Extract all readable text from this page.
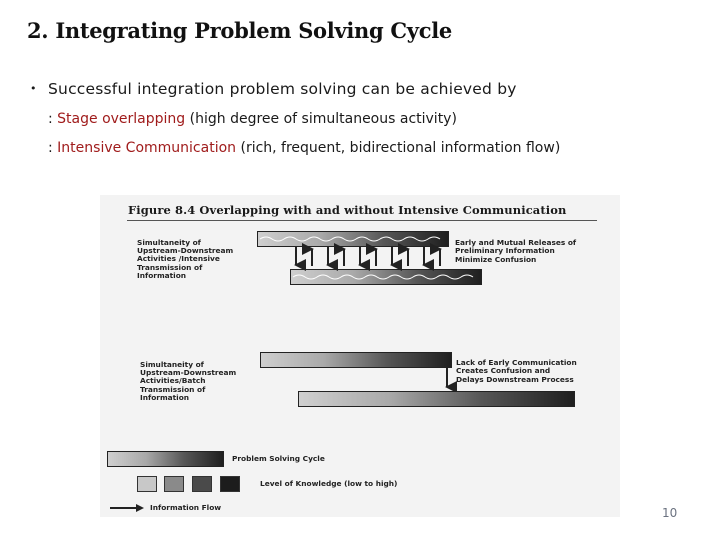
2. Integrating Problem Solving Cycle
• Successful integration problem solving can be achieved by
: Stage overlapping (high degree of simultaneous activity)
: Intensive Communication (rich, frequent, bidirectional information flow)
Figure 8.4 Overlapping with and without Intensive Communication
Simultaneity of
Upstream-Downstream
Activities /Intensive
Transmission of
Information
Early and Mutual Releases of
Preliminary Information
Minimize Confusion
Simultaneity of
Upstream-Downstream
Activities/Batch
Transmission of
Information
Lack of Early Communication
Creates Confusion and
Delays Downstream Process
Problem Solving Cycle
Level of Knowledge (low to high)
Information Flow	10
